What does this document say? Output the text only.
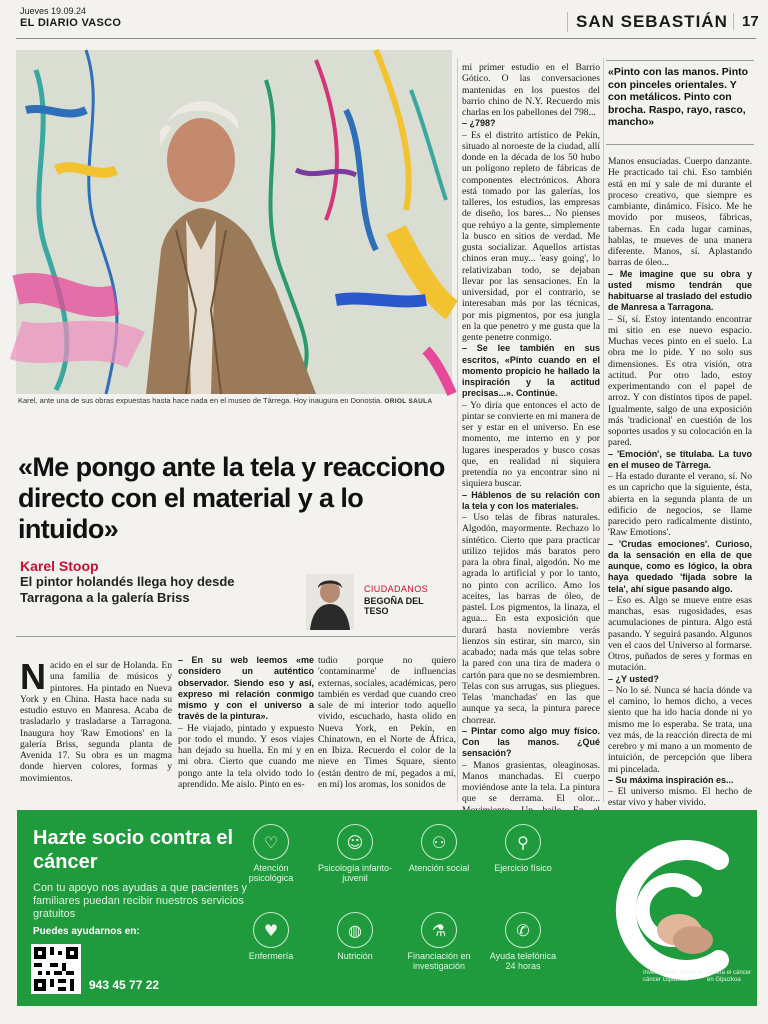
Jueves 19.09.24
EL DIARIO VASCO	SAN SEBASTIÁN 17
Karel, ante una de sus obras expuestas hasta hace nada en el museo de Tàrrega. Hoy inaugura en Donostia. ORIOL SAULA
«Me pongo ante la tela y reacciono directo con el material y a lo intuido»
Karel Stoop
El pintor holandés llega hoy desde Tarragona a la galería Briss
CIUDADANOS
BEGOÑA DEL TESO
Nacido en el sur de Holanda. En una familia de músicos y pintores. Ha pintado en Nueva York y en China. Hasta hace nada su estudio estuvo en Manresa. Acaba de trasladarlo y trasladarse a Tarragona. Inaugura hoy 'Raw Emotions' en la galería Briss, segunda planta de Avenida 17. Su obra es un magma donde hierven colores, formas y movimientos.

– En su web leemos «me considero un auténtico observador. Siendo eso y así, expreso mi relación conmigo mismo y con el universo a través de la pintura».

– He viajado, pintado y expuesto por todo el mundo. Y esos viajes han dejado su huella. En mí y en mi obra. Cierto que cuando me pongo ante la tela olvido todo lo aprendido. Me aíslo. Pinto en es-

tudio porque no quiero 'contaminarme' de influencias externas, sociales, académicas, pero también es verdad que cuando creo sale de mi interior todo aquello vivido, escuchado, hasta olido en Nueva York, en Pekín, en Chinatown, en el Norte de África, en Ibiza. Recuerdo el color de la nieve en Times Square, siento (están dentro de mí, pegados a mí, en mí) los aromas, los sonidos de

mi primer estudio en el Barrio Gótico. O las conversaciones mantenidas en los puestos del barrio chino de N.Y. Recuerdo mis charlas en los pabellones del 798...

– ¿798?

– Es el distrito artístico de Pekín, situado al noroeste de la ciudad, allí donde en la década de los 50 hubo un polígono repleto de fábricas de componentes electrónicos. Ahora está tomado por las galerías, los talleres, los estudios, las empresas de diseño, los bares... No pienses que rehúyo a la gente, simplemente la busco en sitios de verdad. Me gusta socializar. Aquellos artistas chinos eran muy... 'easy going', lo relativizaban todo, se dejaban llevar por las sensaciones. En la universidad, por el contrario, se interesaban más por las técnicas, por mis pigmentos, por esa jungla en la que penetro y me gusta que la gente penetre conmigo.

– Se lee también en sus escritos, «Pinto cuando en el momento propicio he hallado la inspiración y la actitud precisas...». Continúe.

– Yo diría que entonces el acto de pintar se convierte en mi manera de ser y estar en el universo. En ese momento, me interno en y por lugares inesperados y busco cosas que, en realidad ni siquiera pretendía no ya encontrar sino ni siquiera buscar.

– Háblenos de su relación con la tela y con los materiales.

– Uso telas de fibras naturales. Algodón, mayormente. Rechazo lo sintético. Cierto que para practicar utilizo tejidos más baratos pero para la obra final, algodón. No me agrada lo artificial y por lo tanto, no pinto con acrílico. Amo los aceites, las barras de óleo, de pastel. Los pigmentos, la linaza, el agua... En esta exposición que durará hasta noviembre verás lienzos sin estirar, sin marco, sin acabado; nada más que telas sobre la pared con una tira de madera o cartón para que no se desmiembren. Telas con sus arrugas, sus pliegues. Telas 'manchadas' en las que aunque ya seca, la pintura parece chorrear.

– Pintar como algo muy físico. Con las manos. ¿Qué sensación?

– Manos grasientas, oleaginosas. Manos manchadas. El cuerpo moviéndose ante la tela. La pintura que se derrama. El olor...

«Pinto con las manos. Pinto con pinceles orientales. Y con metálicos. Pinto con brocha. Raspo, rayo, rasco, mancho»

Manos ensuciadas. Cuerpo danzante. He practicado tai chi. Eso también está en mí y sale de mí durante el proceso creativo, que siempre es cambiante, dinámico. Físico. Me he movido por museos, fábricas, tabernas. En cada lugar caminas, hablas, te mueves de una manera diferente. Manos, sí. Aplastando barras de óleo...

– Me imagine que su obra y usted mismo tendrán que habituarse al traslado del estudio de Manresa a Tarragona.

– Sí, sí. Estoy intentando encontrar mi sitio en ese nuevo espacio. Muchas veces pinto en el suelo. La obra me lo pide. Y no solo sus dimensiones. Es otra visión, otra actitud. Por otro lado, estoy experimentando con el papel de arroz. Y con distintos tipos de papel. Igualmente, salgo de una exposición más 'tradicional' en cuestión de los soportes usados y su colocación en la pared.

– 'Emoción', se titulaba. La tuvo en el museo de Tàrrega.

– Ha estado durante el verano, sí. No es un capricho que la siguiente, ésta, abierta en la segunda planta de un edificio de negocios, se llame parecido pero radicalmente distinto, 'Raw Emotions'.

– 'Crudas emociones'. Curioso, da la sensación en ella de que aunque, como es lógico, la obra haya quedado 'fijada sobre la tela', ahí sigue pasando algo.

– Eso es. Algo se mueve entre esas manchas, esas rugosidades, esas acumulaciones de pintura. Algo está pasando. Y seguirá pasando. Algunos ven el caos del Universo al formarse. Otros, puñados de seres y formas en mutación.

– ¿Y usted?

– No lo sé. Nunca sé hacia dónde va el camino, lo hemos dicho, a veces siento que ha ido hacia donde ni yo mismo me lo esperaba. Se trata, una vez más, de la reacción directa de mi cerebro y mi mano a un momento de intuición, de percepción que libera mi pincelada.

– Su máxima inspiración es...

– El universo mismo. El hecho de estar vivo y haber vivido.

Hazte socio contra el cáncer
Con tu apoyo nos ayudas a que pacientes y familiares puedan recibir nuestros servicios gratuitos
Puedes ayudarnos en:
943 45 77 22
♡
Atención psicológica
☺
Psicología infanto-juvenil
⚇
Atención social
⚲
Ejercicio físico
♥
Enfermería
◍
Nutrición
⚗
Financiación en investigación
✆
Ayuda telefónica 24 horas
Investigación contra el cáncer Gipuzkoa
Contra el cáncer en Gipuzkoa
